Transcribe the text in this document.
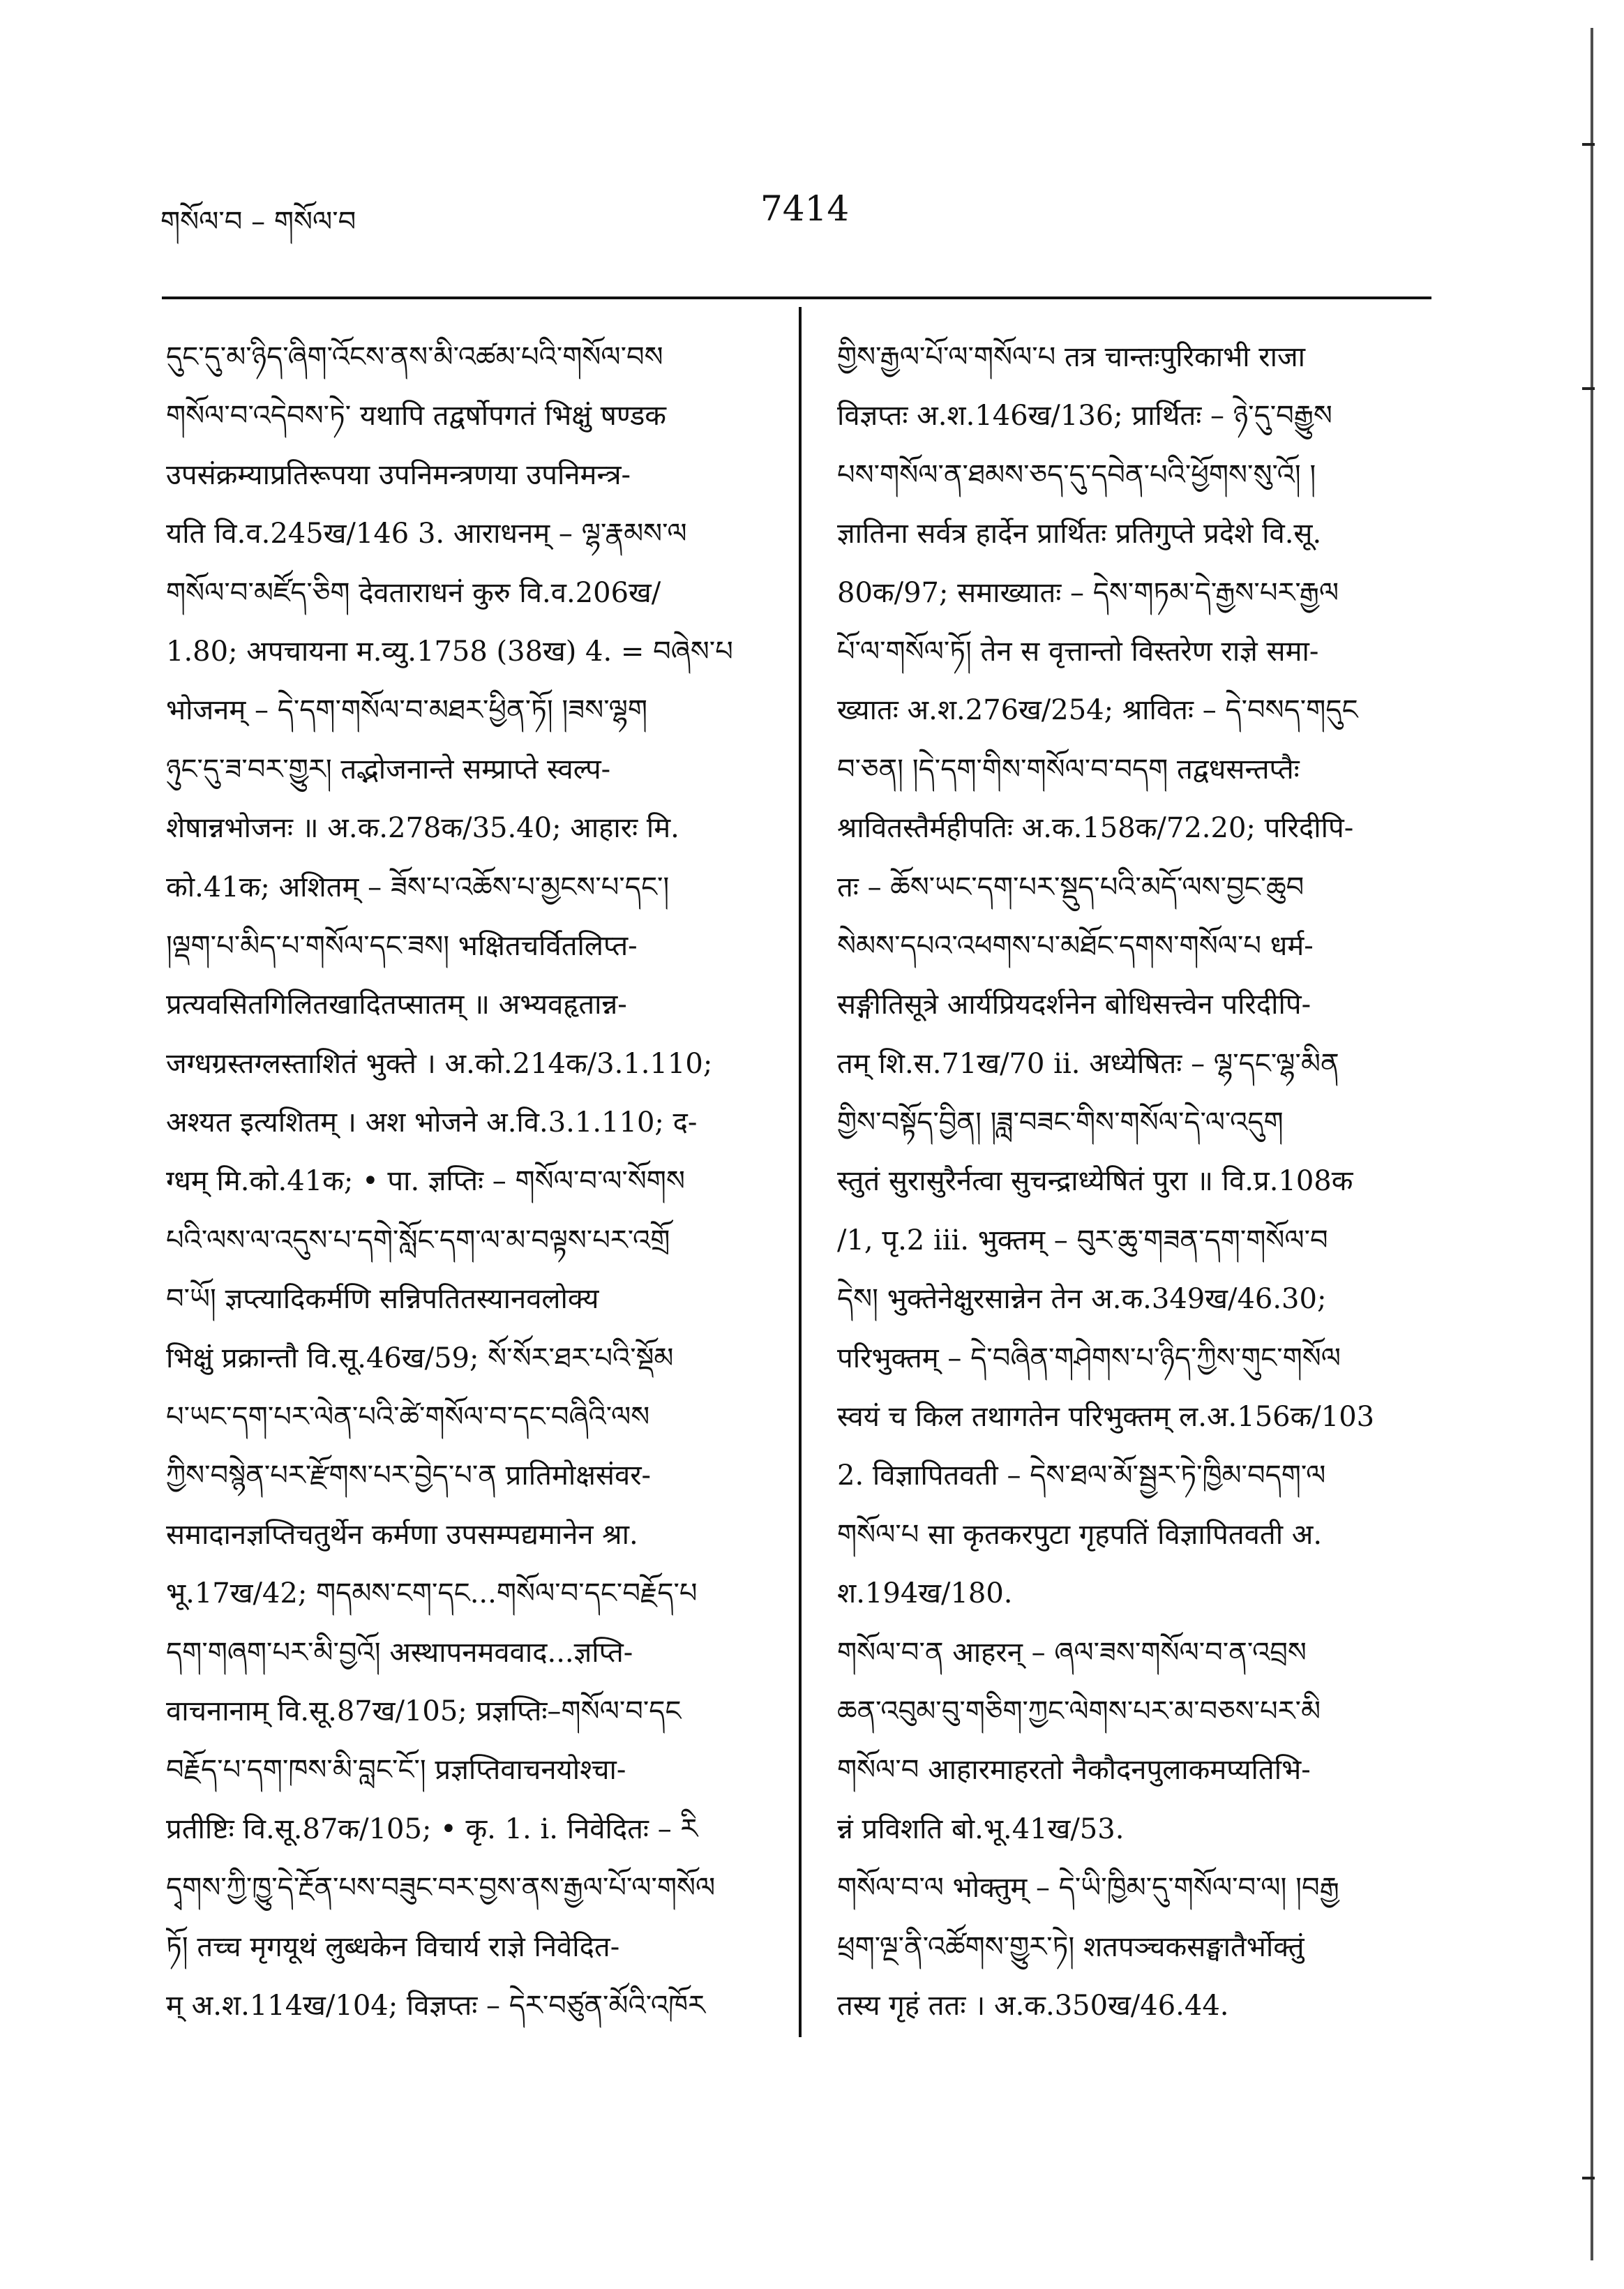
གསོལ་བ – གསོལ་བ	7414
དུང་དུ་མ་ཉིད་ཞིག་འོངས་ནས་མི་འཚམ་པའི་གསོལ་བས
གསོལ་བ་འདེབས་ཏེ་ यथापि तद्वर्षोपगतं भिक्षुं षण्डक
उपसंक्रम्याप्रतिरूपया उपनिमन्त्रणया उपनिमन्त्र-
यति वि.व.245ख/146 3. आराधनम् – ལྷ་རྣམས་ལ
གསོལ་བ་མཛོད་ཅིག देवताराधनं कुरु वि.व.206ख/
1.80; अपचायना म.व्यु.1758 (38ख) 4. = བཞེས་པ
भोजनम् – དེ་དག་གསོལ་བ་མཐར་ཕྱིན་ཏོ། །ཟས་ལྷག
ཉུང་དུ་ཟ་བར་གྱུར། तद्भोजनान्ते सम्प्राप्ते स्वल्प-
शेषान्नभोजनः ॥ अ.क.278क/35.40; आहारः मि.
को.41क; अशितम् – ཟོས་པ་འཆོས་པ་མྱངས་པ་དང་།
།ལྡག་པ་མིད་པ་གསོལ་དང་ཟས། भक्षितचर्वितलिप्त-
प्रत्यवसितगिलितखादितप्सातम् ॥ अभ्यवहृतान्न-
जग्धग्रस्तग्लस्ताशितं भुक्ते । अ.को.214क/3.1.110;
अश्यत इत्यशितम् । अश भोजने अ.वि.3.1.110; द-
ग्धम् मि.को.41क; • पा. ज्ञप्तिः – གསོལ་བ་ལ་སོགས
པའི་ལས་ལ་འདུས་པ་དགེ་སློང་དག་ལ་མ་བལྟས་པར་འགྲོ
བ་ཡོ། ज्ञप्त्यादिकर्मणि सन्निपतितस्यानवलोक्य
भिक्षुं प्रक्रान्तौ वि.सू.46ख/59; སོ་སོར་ཐར་པའི་སྡོམ
པ་ཡང་དག་པར་ལེན་པའི་ཚེ་གསོལ་བ་དང་བཞིའི་ལས
ཀྱིས་བསྙེན་པར་རྫོགས་པར་བྱེད་པ་ན प्रातिमोक्षसंवर-
समादानज्ञप्तिचतुर्थेन कर्मणा उपसम्पद्यमानेन श्रा.
भू.17ख/42; གདམས་ངག་དང...གསོལ་བ་དང་བརྗོད་པ
དག་གཞག་པར་མི་བྱའོ། अस्थापनमववाद...ज्ञप्ति-
वाचनानाम् वि.सू.87ख/105; प्रज्ञप्तिः–གསོལ་བ་དང
བརྗོད་པ་དག་ཁས་མི་བླང་ངོ་། प्रज्ञप्तिवाचनयोश्चा-
प्रतीष्टिः वि.सू.87क/105; • कृ. 1. i. निवेदितः – རི
དྭགས་ཀྱི་ཁྱུ་དེ་རྔོན་པས་བཟུང་བར་བྱས་ནས་རྒྱལ་པོ་ལ་གསོལ
ཏོ། तच्च मृगयूथं लुब्धकेन विचार्य राज्ञे निवेदित-
म् अ.श.114ख/104; विज्ञप्तः – དེར་བཙུན་མོའི་འཁོར
གྱིས་རྒྱལ་པོ་ལ་གསོལ་པ तत्र चान्तःपुरिकाभी राजा
विज्ञप्तः अ.श.146ख/136; प्रार्थितः – ཉེ་དུ་བརྒྱུས
པས་གསོལ་ན་ཐམས་ཅད་དུ་དབེན་པའི་ཕྱོགས་སུ་འོ། །
ज्ञातिना सर्वत्र हार्देन प्रार्थितः प्रतिगुप्ते प्रदेशे वि.सू.
80क/97; समाख्यातः – དེས་གཏམ་དེ་རྒྱས་པར་རྒྱལ
པོ་ལ་གསོལ་ཏོ། तेन स वृत्तान्तो विस्तरेण राज्ञे समा-
ख्यातः अ.श.276ख/254; श्रावितः – དེ་བསད་གདུང
བ་ཅན། །དེ་དག་གིས་གསོལ་བ་བདག तद्वधसन्तप्तैः
श्रावितस्तैर्महीपतिः अ.क.158क/72.20; परिदीपि-
तः – ཆོས་ཡང་དག་པར་སྡུད་པའི་མདོ་ལས་བྱང་ཆུབ
སེམས་དཔའ་འཕགས་པ་མཐོང་དགས་གསོལ་པ धर्म-
सङ्गीतिसूत्रे आर्यप्रियदर्शनेन बोधिसत्त्वेन परिदीपि-
तम् शि.स.71ख/70 ii. अध्येषितः – ལྷ་དང་ལྷ་མིན
གྱིས་བསྟོད་བྱིན། །ཟླ་བཟང་གིས་གསོལ་དེ་ལ་འདུག
स्तुतं सुरासुरैर्नत्वा सुचन्द्राध्येषितं पुरा ॥ वि.प्र.108क
/1, पृ.2 iii. भुक्तम् – བུར་ཆུ་གཟན་དག་གསོལ་བ
དེས། भुक्तेनेक्षुरसान्नेन तेन अ.क.349ख/46.30;
परिभुक्तम् – དེ་བཞིན་གཤེགས་པ་ཉིད་ཀྱིས་གུང་གསོལ
स्वयं च किल तथागतेन परिभुक्तम् ल.अ.156क/103
2. विज्ञापितवती – དེས་ཐལ་མོ་སྦྱར་ཏེ་ཁྱིམ་བདག་ལ
གསོལ་པ सा कृतकरपुटा गृहपतिं विज्ञापितवती अ.
श.194ख/180.
གསོལ་བ་ན आहरन् – ཞལ་ཟས་གསོལ་བ་ན་འབྲས
ཆན་འབུམ་བུ་གཅིག་ཀྱང་ལེགས་པར་མ་བཅས་པར་མི
གསོལ་བ आहारमाहरतो नैकौदनपुलाकमप्यतिभि-
न्नं प्रविशति बो.भू.41ख/53.
གསོལ་བ་ལ भोक्तुम् – དེ་ཡི་ཁྱིམ་དུ་གསོལ་བ་ལ། །བརྒྱ
ཕྲག་ལྔ་ནི་འཚོགས་གྱུར་ཏེ། शतपञ्चकसङ्घातैर्भोक्तुं
तस्य गृहं ततः । अ.क.350ख/46.44.
